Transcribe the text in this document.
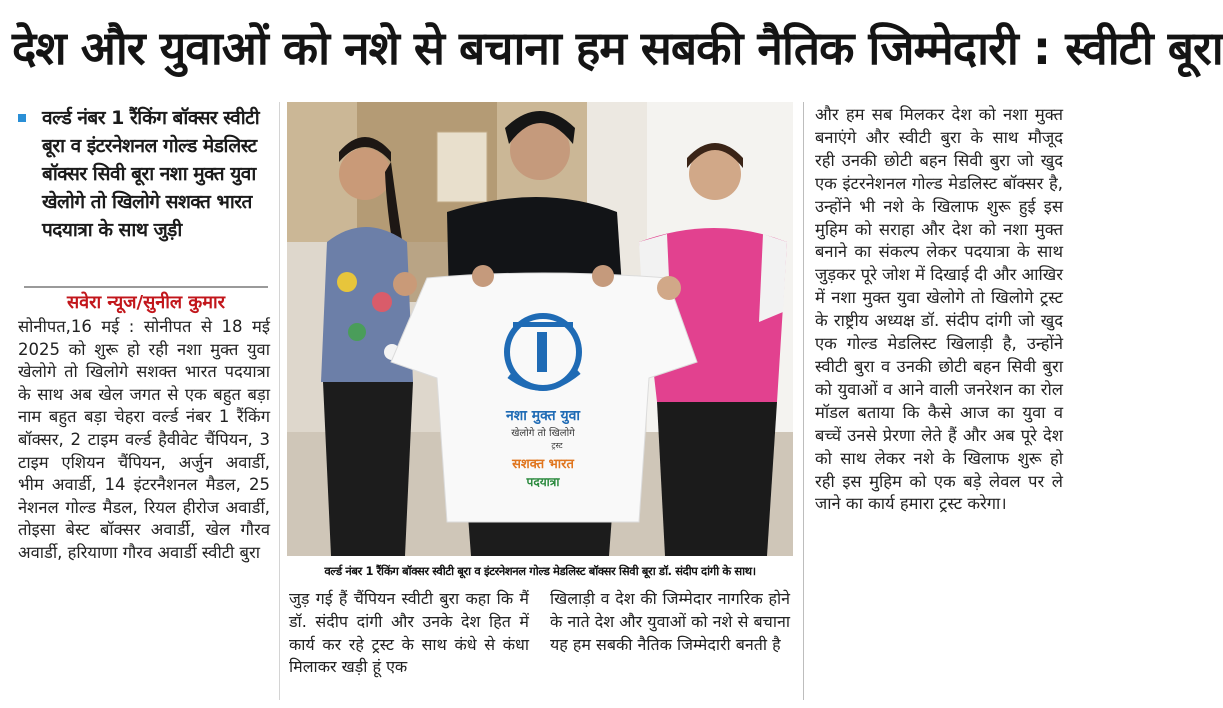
देश और युवाओं को नशे से बचाना हम सबकी नैतिक जिम्मेदारी : स्वीटी बूरा
वर्ल्ड नंबर 1 रैंकिंग बॉक्सर स्वीटी बूरा व इंटरनेशनल गोल्ड मेडलिस्ट बॉक्सर सिवी बूरा नशा मुक्त युवा खेलोगे तो खिलोगे सशक्त भारत पदयात्रा के साथ जुड़ी
सवेरा न्यूज/सुनील कुमार
सोनीपत,16 मई : सोनीपत से 18 मई 2025 को शुरू हो रही नशा मुक्त युवा खेलोगे तो खिलोगे सशक्त भारत पदयात्रा के साथ अब खेल जगत से एक बहुत बड़ा नाम बहुत बड़ा चेहरा वर्ल्ड नंबर 1 रैंकिंग बॉक्सर, 2 टाइम वर्ल्ड हैवीवेट चैंपियन, 3 टाइम एशियन चैंपियन, अर्जुन अवार्डी, भीम अवार्डी, 14 इंटरनैशनल मैडल, 25 नेशनल गोल्ड मैडल, रियल हीरोज अवार्डी, तोइसा बेस्ट बॉक्सर अवार्डी, खेल गौरव अवार्डी, हरियाणा गौरव अवार्डी स्वीटी बुरा
नशा मुक्त युवा
खेलोगे तो खिलोगे
ट्रस्ट
सशक्त भारत
पदयात्रा
वर्ल्ड नंबर 1 रैंकिंग बॉक्सर स्वीटी बूरा व इंटरनेशनल गोल्ड मेडलिस्ट बॉक्सर सिवी बूरा डॉ. संदीप दांगी के साथ।
जुड़ गई हैं चैंपियन स्वीटी बुरा कहा कि मैं डॉ. संदीप दांगी और उनके देश हित में कार्य कर रहे ट्रस्ट के साथ कंधे से कंधा मिलाकर खड़ी हूं एक
खिलाड़ी व देश की जिम्मेदार नागरिक होने के नाते देश और युवाओं को नशे से बचाना यह हम सबकी नैतिक जिम्मेदारी बनती है
और हम सब मिलकर देश को नशा मुक्त बनाएंगे और स्वीटी बुरा के साथ मौजूद रही उनकी छोटी बहन सिवी बुरा जो खुद एक इंटरनेशनल गोल्ड मेडलिस्ट बॉक्सर है, उन्होंने भी नशे के खिलाफ शुरू हुई इस मुहिम को सराहा और देश को नशा मुक्त बनाने का संकल्प लेकर पदयात्रा के साथ जुड़कर पूरे जोश में दिखाई दी और आखिर में नशा मुक्त युवा खेलोगे तो खिलोगे ट्रस्ट के राष्ट्रीय अध्यक्ष डॉ. संदीप दांगी जो खुद एक गोल्ड मेडलिस्ट खिलाड़ी है, उन्होंने स्वीटी बुरा व उनकी छोटी बहन सिवी बुरा को युवाओं व आने वाली जनरेशन का रोल मॉडल बताया कि कैसे आज का युवा व बच्चें उनसे प्रेरणा लेते हैं और अब पूरे देश को साथ लेकर नशे के खिलाफ शुरू हो रही इस मुहिम को एक बड़े लेवल पर ले जाने का कार्य हमारा ट्रस्ट करेगा।
